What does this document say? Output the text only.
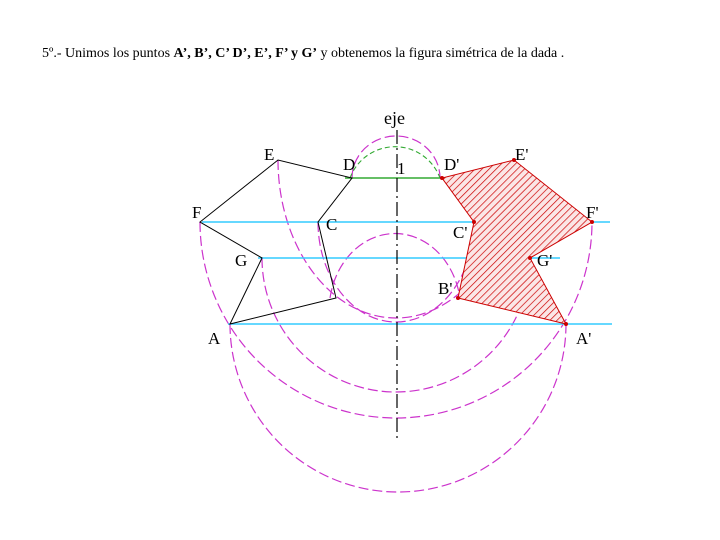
5º.- Unimos los puntos A’, B’, C’ D’, E’, F’ y G’ y obtenemos la figura simétrica de la dada .
eje
1
E
D
F
C
G
A
D'
E'
F'
C'
G'
B'
A'
